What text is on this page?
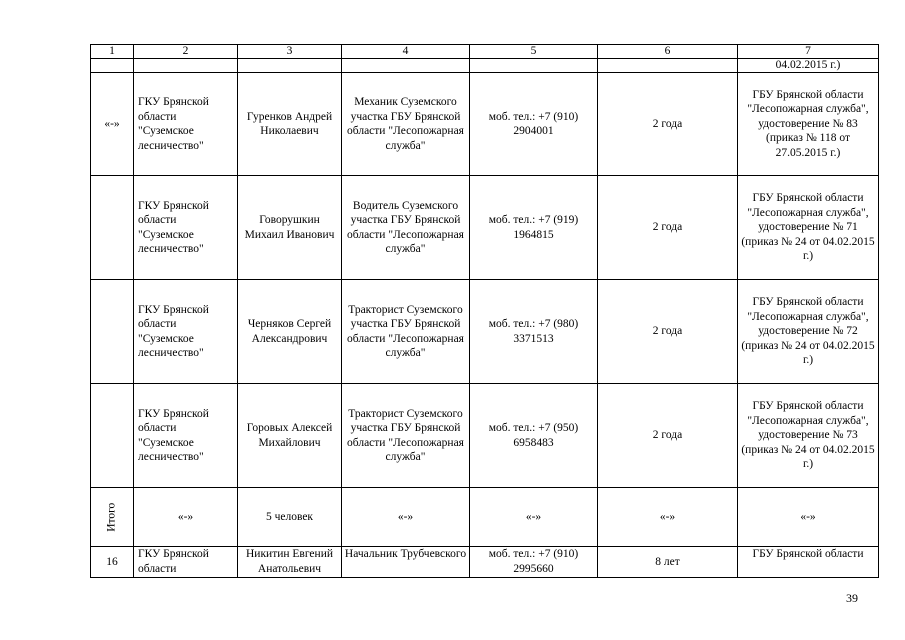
1	2	3	4	5	6	7
						04.02.2015 г.)
«-»	ГКУ Брянской области "Суземское лесничество"	Гуренков Андрей Николаевич	Механик Суземского участка ГБУ Брянской области "Лесопожарная служба"	моб. тел.: +7 (910) 2904001	2 года	ГБУ Брянской области "Лесопожарная служба", удостоверение № 83 (приказ № 118 от 27.05.2015 г.)
	ГКУ Брянской области "Суземское лесничество"	Говорушкин Михаил Иванович	Водитель Суземского участка ГБУ Брянской области "Лесопожарная служба"	моб. тел.: +7 (919) 1964815	2 года	ГБУ Брянской области "Лесопожарная служба", удостоверение № 71 (приказ № 24 от 04.02.2015 г.)
	ГКУ Брянской области "Суземское лесничество"	Черняков Сергей Александрович	Тракторист Суземского участка ГБУ Брянской области "Лесопожарная служба"	моб. тел.: +7 (980) 3371513	2 года	ГБУ Брянской области "Лесопожарная служба", удостоверение № 72 (приказ № 24 от 04.02.2015 г.)
	ГКУ Брянской области "Суземское лесничество"	Горовых Алексей Михайлович	Тракторист Суземского участка ГБУ Брянской области "Лесопожарная служба"	моб. тел.: +7 (950) 6958483	2 года	ГБУ Брянской области "Лесопожарная служба", удостоверение № 73 (приказ № 24 от 04.02.2015 г.)
Итого	«-»	5 человек	«-»	«-»	«-»	«-»
16	ГКУ Брянской области	Никитин Евгений Анатольевич	Начальник Трубчевского	моб. тел.: +7 (910) 2995660	8 лет	ГБУ Брянской области
39
